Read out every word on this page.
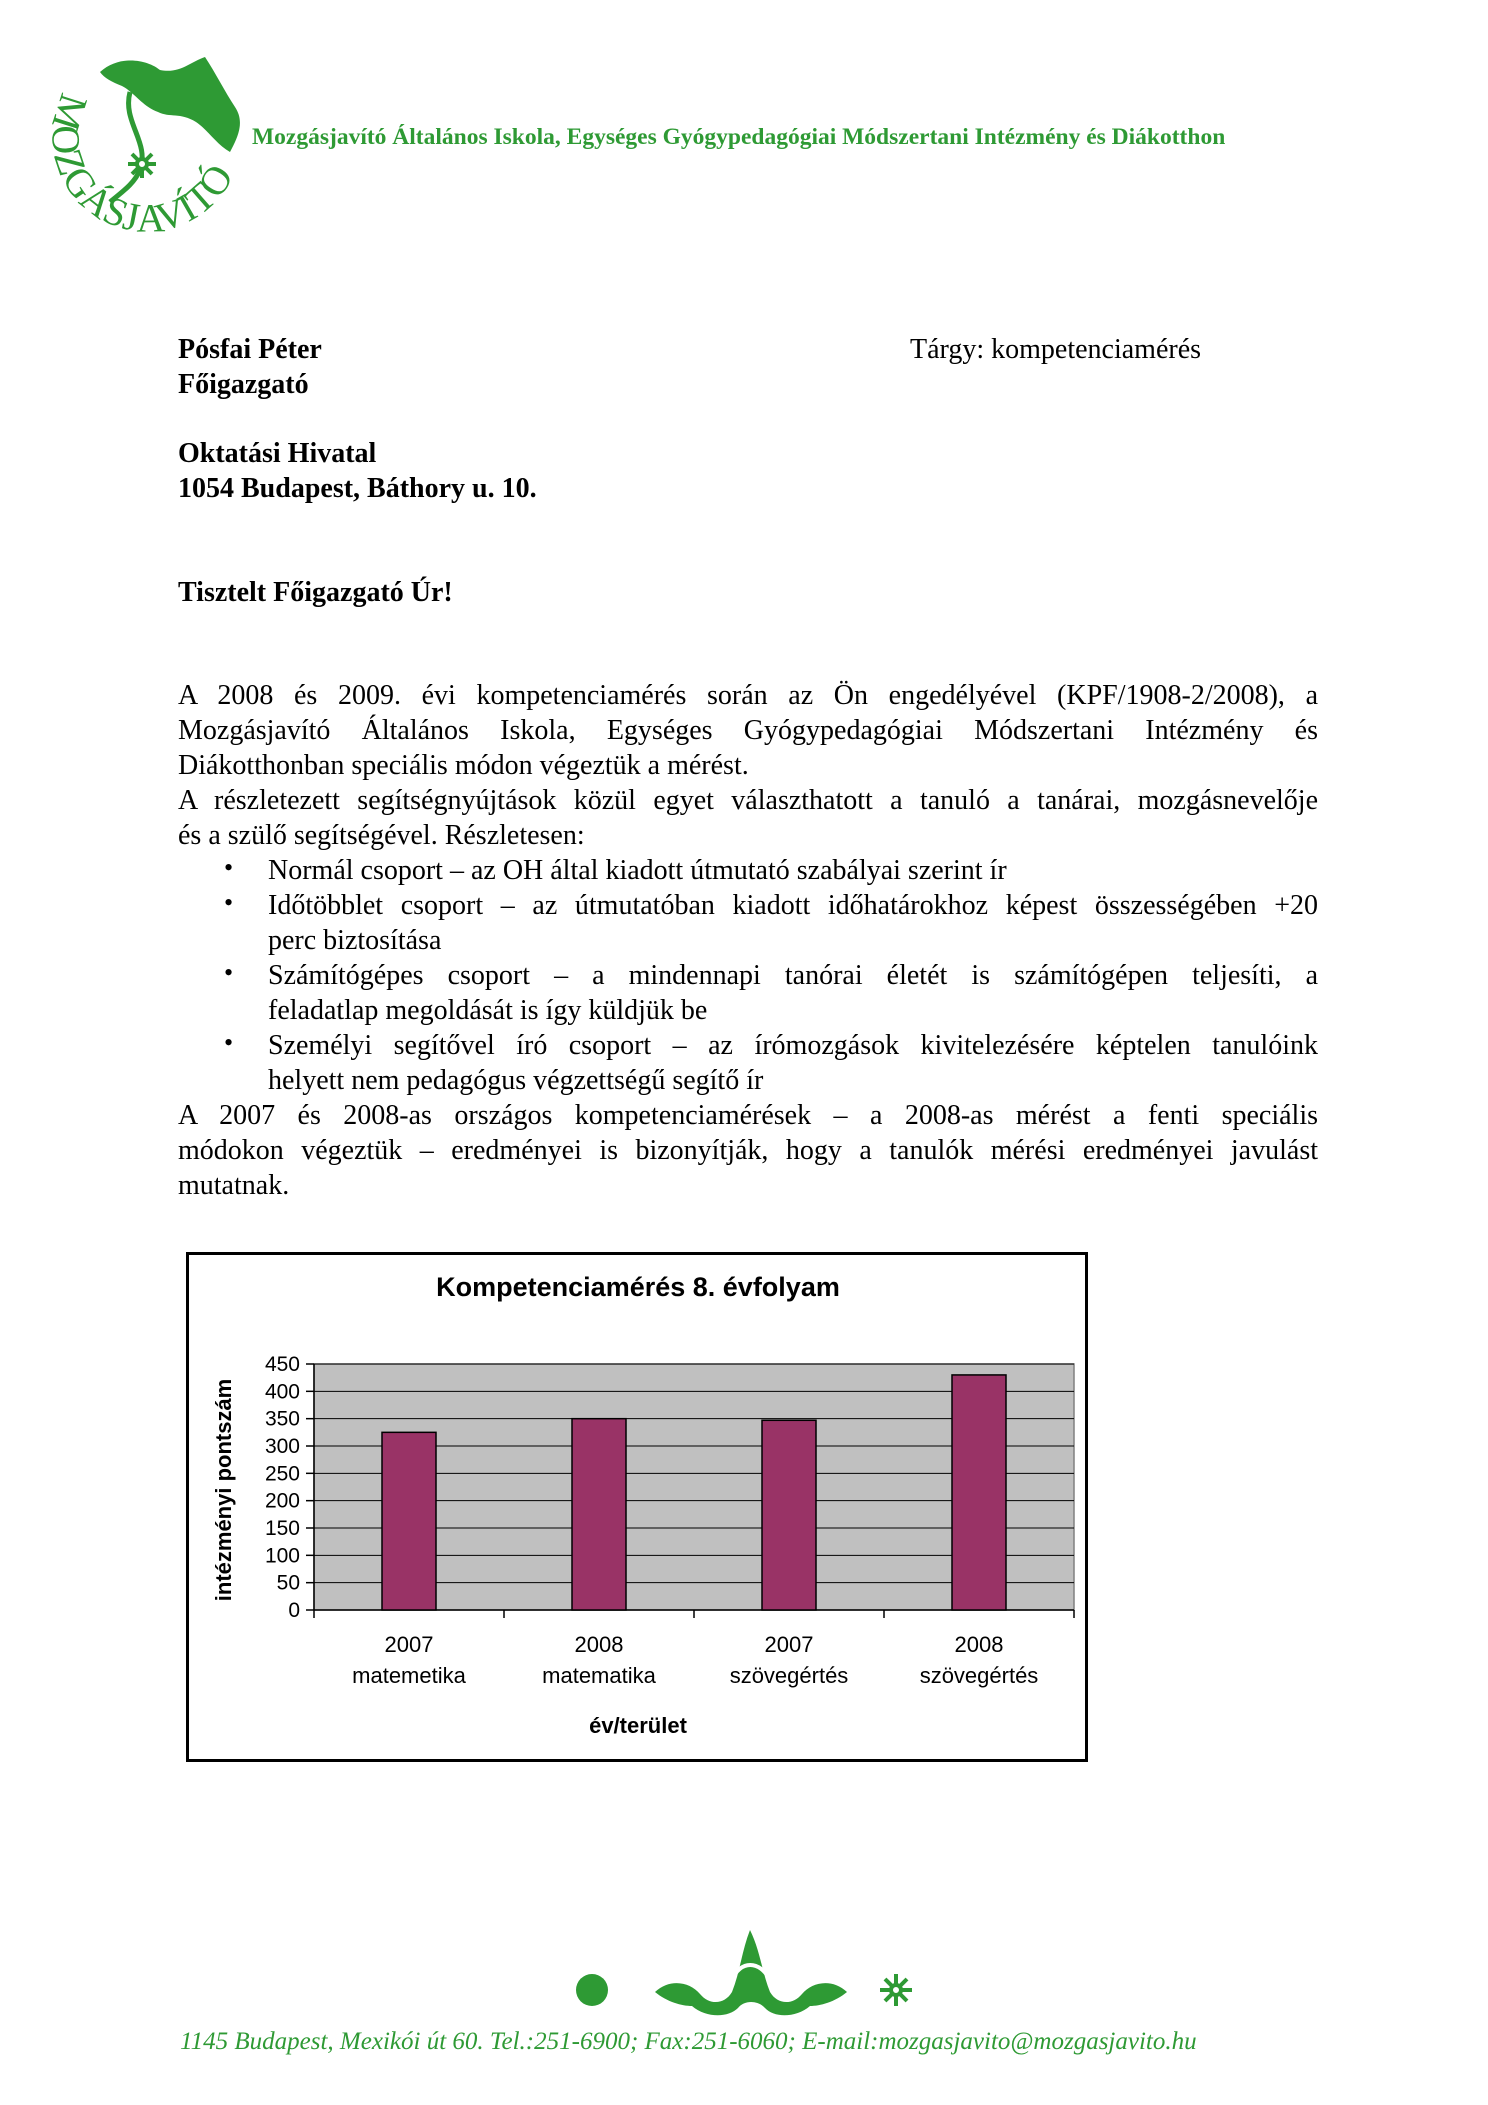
MOZGÁSJAVÍTÓ
Mozgásjavító Általános Iskola, Egységes Gyógypedagógiai Módszertani Intézmény és Diákotthon
Pósfai Péter
Főigazgató
Tárgy: kompetenciamérés
Oktatási Hivatal
1054 Budapest, Báthory u. 10.
Tisztelt Főigazgató Úr!
A 2008 és 2009. évi kompetenciamérés során az Ön engedélyével (KPF/1908-2/2008), a
Mozgásjavító Általános Iskola, Egységes Gyógypedagógiai Módszertani Intézmény és
Diákotthonban speciális módon végeztük a mérést.
A részletezett segítségnyújtások közül egyet választhatott a tanuló a tanárai, mozgásnevelője
és a szülő segítségével. Részletesen:
• Normál csoport – az OH által kiadott útmutató szabályai szerint ír
• Időtöbblet csoport – az útmutatóban kiadott időhatárokhoz képest összességében +20
perc biztosítása
• Számítógépes csoport – a mindennapi tanórai életét is számítógépen teljesíti, a
feladatlap megoldását is így küldjük be
• Személyi segítővel író csoport – az írómozgások kivitelezésére képtelen tanulóink
helyett nem pedagógus végzettségű segítő ír
A 2007 és 2008-as országos kompetenciamérések – a 2008-as mérést a fenti speciális
módokon végeztük – eredményei is bizonyítják, hogy a tanulók mérési eredményei javulást
mutatnak.
Kompetenciamérés 8. évfolyam
0
50
100
150
200
250
300
350
400
450
2007
matemetika
2008
matematika
2007
szövegértés
2008
szövegértés
év/terület
intézményi pontszám
1145 Budapest, Mexikói út 60. Tel.:251-6900; Fax:251-6060; E-mail:mozgasjavito@mozgasjavito.hu
